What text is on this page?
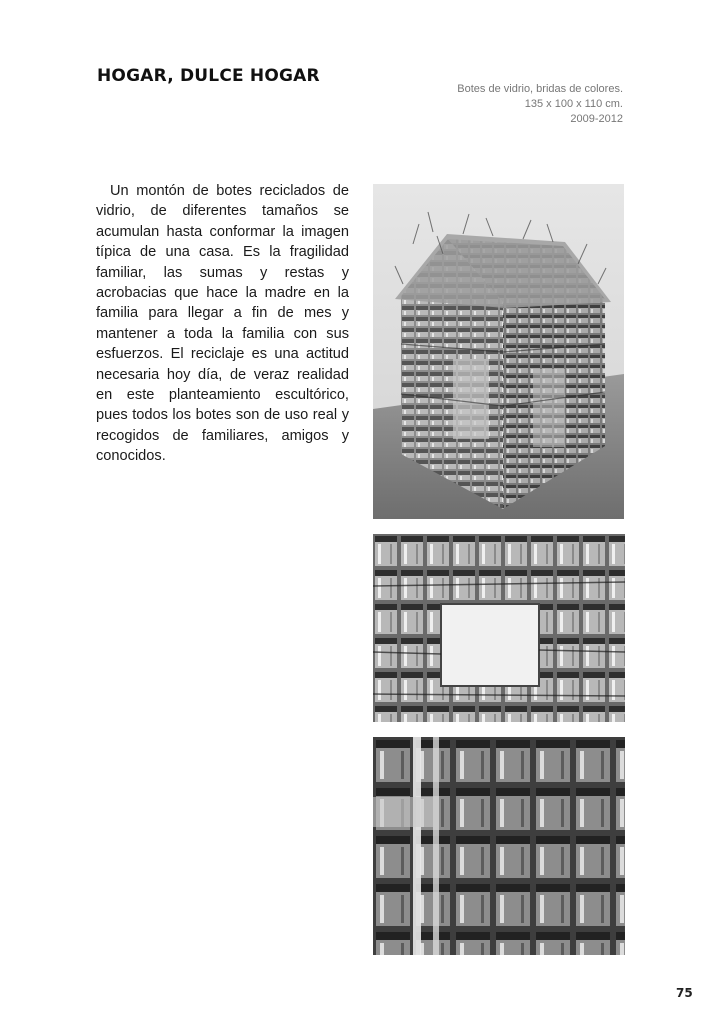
HOGAR, DULCE HOGAR
Botes de vidrio, bridas de colores.
135 x 100 x 110 cm.
2009-2012

Un montón de botes reciclados de vidrio, de diferentes tamaños se acumulan hasta conformar la imagen típica de una casa. Es la fragilidad familiar, las sumas y restas y acrobacias que hace la madre en la familia para llegar a fin de mes y mantener a toda la familia con sus esfuerzos. El reciclaje es una actitud necesaria hoy día, de veraz realidad en este planteamiento escultórico, pues todos los botes son de uso real y recogidos de familiares, amigos y conocidos.

75
